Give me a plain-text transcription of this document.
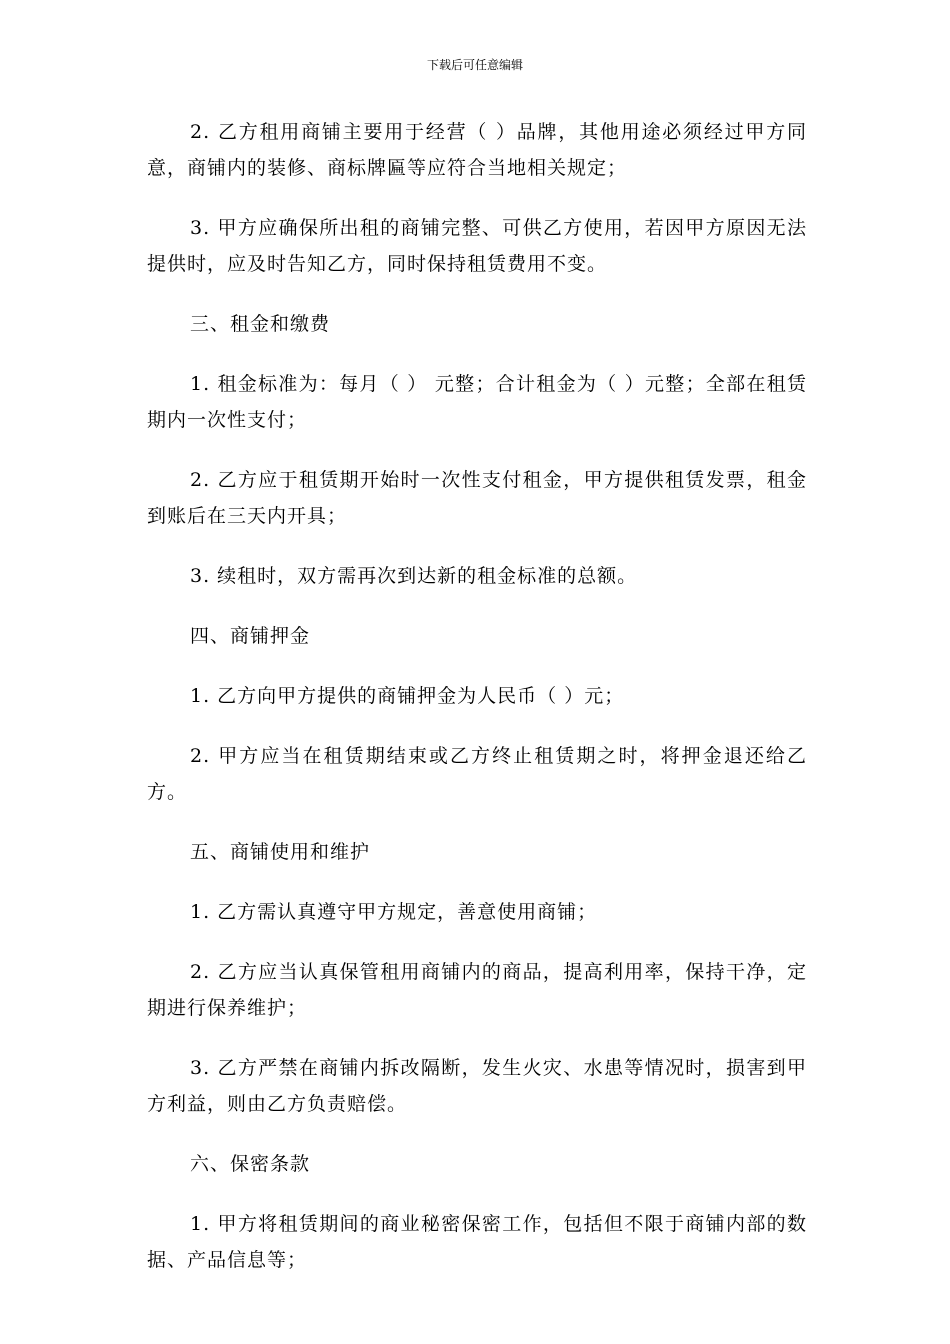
下载后可任意编辑

2. 乙方租用商铺主要用于经营（ ）品牌，其他用途必须经过甲方同意，商铺内的装修、商标牌匾等应符合当地相关规定；

3. 甲方应确保所出租的商铺完整、可供乙方使用，若因甲方原因无法提供时，应及时告知乙方，同时保持租赁费用不变。

三、租金和缴费

1. 租金标准为：每月（ ） 元整；合计租金为（ ）元整；全部在租赁期内一次性支付；

2. 乙方应于租赁期开始时一次性支付租金，甲方提供租赁发票，租金到账后在三天内开具；

3. 续租时，双方需再次到达新的租金标准的总额。

四、商铺押金

1. 乙方向甲方提供的商铺押金为人民币（ ）元；

2. 甲方应当在租赁期结束或乙方终止租赁期之时，将押金退还给乙方。

五、商铺使用和维护

1. 乙方需认真遵守甲方规定，善意使用商铺；

2. 乙方应当认真保管租用商铺内的商品，提高利用率，保持干净，定期进行保养维护；

3. 乙方严禁在商铺内拆改隔断，发生火灾、水患等情况时，损害到甲方利益，则由乙方负责赔偿。

六、保密条款

1. 甲方将租赁期间的商业秘密保密工作，包括但不限于商铺内部的数据、产品信息等；
